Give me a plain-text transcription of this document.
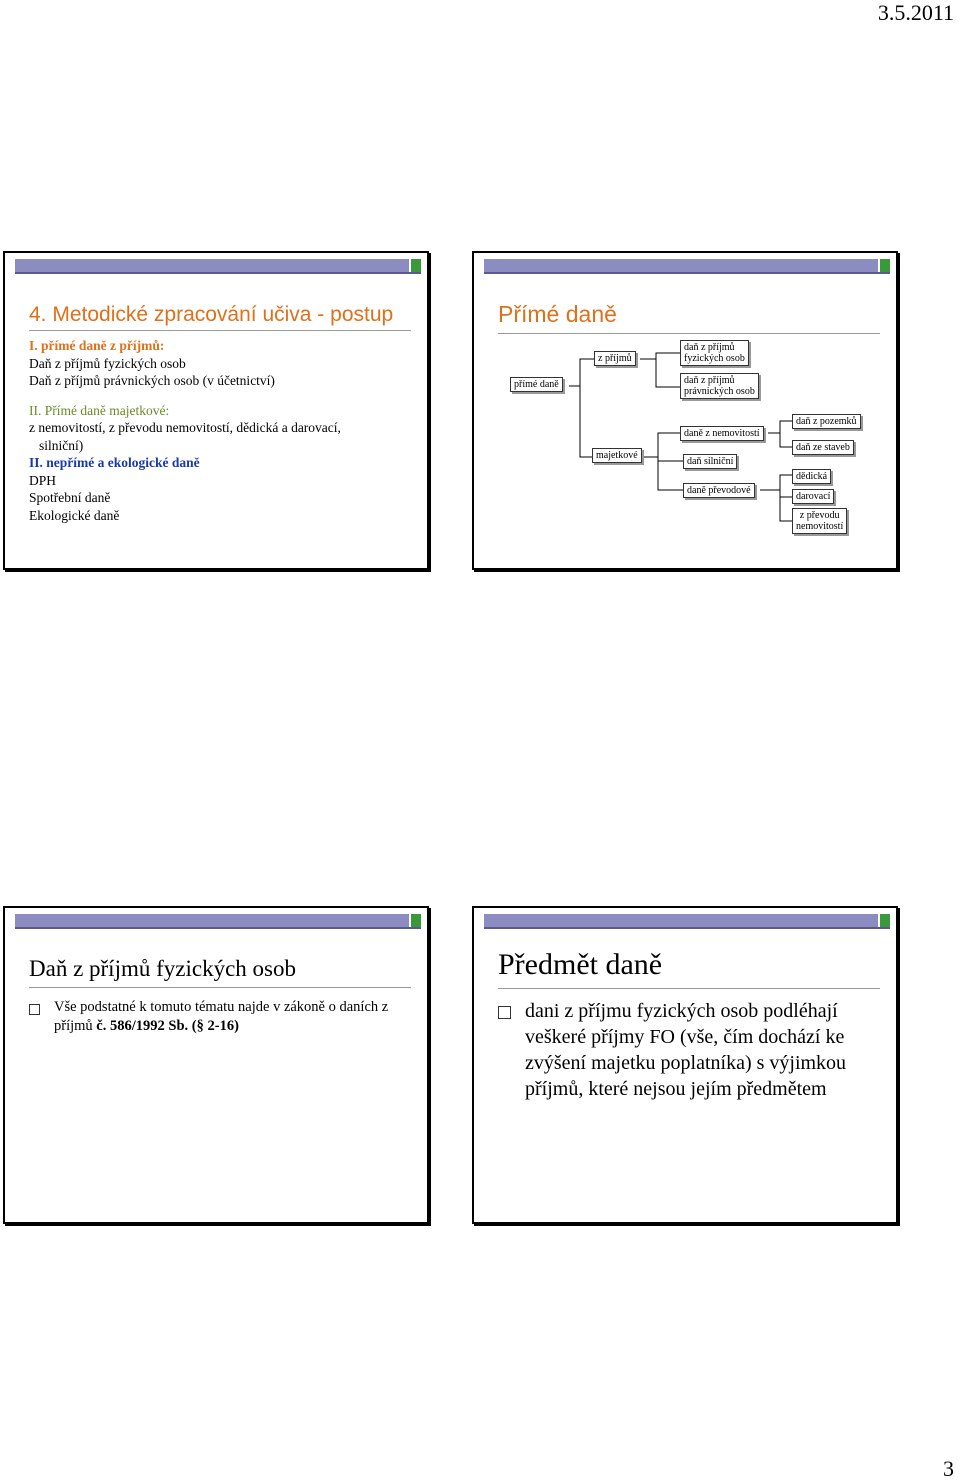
3.5.2011
4. Metodické zpracování učiva - postup
I. přímé daně z příjmů:
Daň z příjmů fyzických osob
Daň z příjmů právnických osob (v účetnictví)
II. Přímé daně majetkové:
z nemovitostí, z převodu nemovitostí, dědická a darovací,
silniční)
II. nepřímé a ekologické daně
DPH
Spotřební daně
Ekologické daně
Přímé daně
přímé daně
z příjmů
daň z příjmů
fyzických osob
daň z příjmů
právnických osob
majetkové
daně z nemovitostí
daň silniční
daně převodové
daň z pozemků
daň ze staveb
dědická
darovací
z převodu
nemovitostí
Daň z příjmů fyzických osob
Vše podstatné k tomuto tématu najde v zákoně o daních z příjmů č. 586/1992 Sb. (§ 2-16)
Předmět daně
dani z příjmu fyzických osob podléhají veškeré příjmy FO (vše, čím dochází ke zvýšení majetku poplatníka) s výjimkou příjmů, které nejsou jejím předmětem
3
